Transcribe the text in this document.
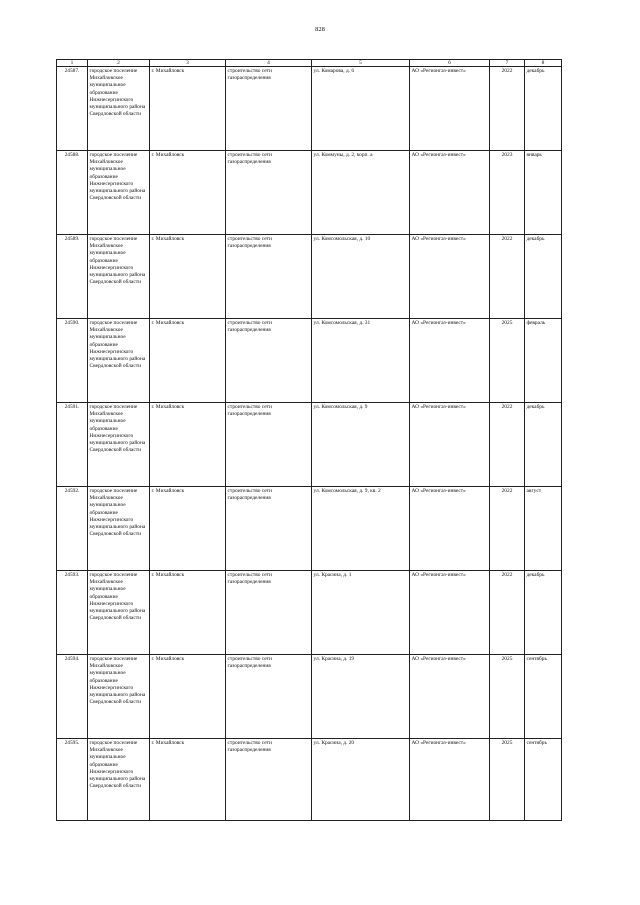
828
1	2	3	4	5	6	7	8
24587.	городское поселение Михайловское муниципальное образование Нижнесергинского муниципального района Свердловской области	г. Михайловск	строительство сети газораспределения	ул. Комарова, д. 6	АО «Регионгаз-инвест»	2022	декабрь
24588.	городское поселение Михайловское муниципальное образование Нижнесергинского муниципального района Свердловской области	г. Михайловск	строительство сети газораспределения	ул. Коммуны, д. 2, корп. а	АО «Регионгаз-инвест»	2023	январь
24589.	городское поселение Михайловское муниципальное образование Нижнесергинского муниципального района Свердловской области	г. Михайловск	строительство сети газораспределения	ул. Комсомольская, д. 10	АО «Регионгаз-инвест»	2022	декабрь
24590.	городское поселение Михайловское муниципальное образование Нижнесергинского муниципального района Свердловской области	г. Михайловск	строительство сети газораспределения	ул. Комсомольская, д. 31	АО «Регионгаз-инвест»	2025	февраль
24591.	городское поселение Михайловское муниципальное образование Нижнесергинского муниципального района Свердловской области	г. Михайловск	строительство сети газораспределения	ул. Комсомольская, д. 9	АО «Регионгаз-инвест»	2022	декабрь
24592.	городское поселение Михайловское муниципальное образование Нижнесергинского муниципального района Свердловской области	г. Михайловск	строительство сети газораспределения	ул. Комсомольская, д. 9, кв. 2	АО «Регионгаз-инвест»	2022	август
24593.	городское поселение Михайловское муниципальное образование Нижнесергинского муниципального района Свердловской области	г. Михайловск	строительство сети газораспределения	ул. Красина, д. 1	АО «Регионгаз-инвест»	2022	декабрь
24594.	городское поселение Михайловское муниципальное образование Нижнесергинского муниципального района Свердловской области	г. Михайловск	строительство сети газораспределения	ул. Красина, д. 19	АО «Регионгаз-инвест»	2025	сентябрь
24595.	городское поселение Михайловское муниципальное образование Нижнесергинского муниципального района Свердловской области	г. Михайловск	строительство сети газораспределения	ул. Красина, д. 20	АО «Регионгаз-инвест»	2025	сентябрь
